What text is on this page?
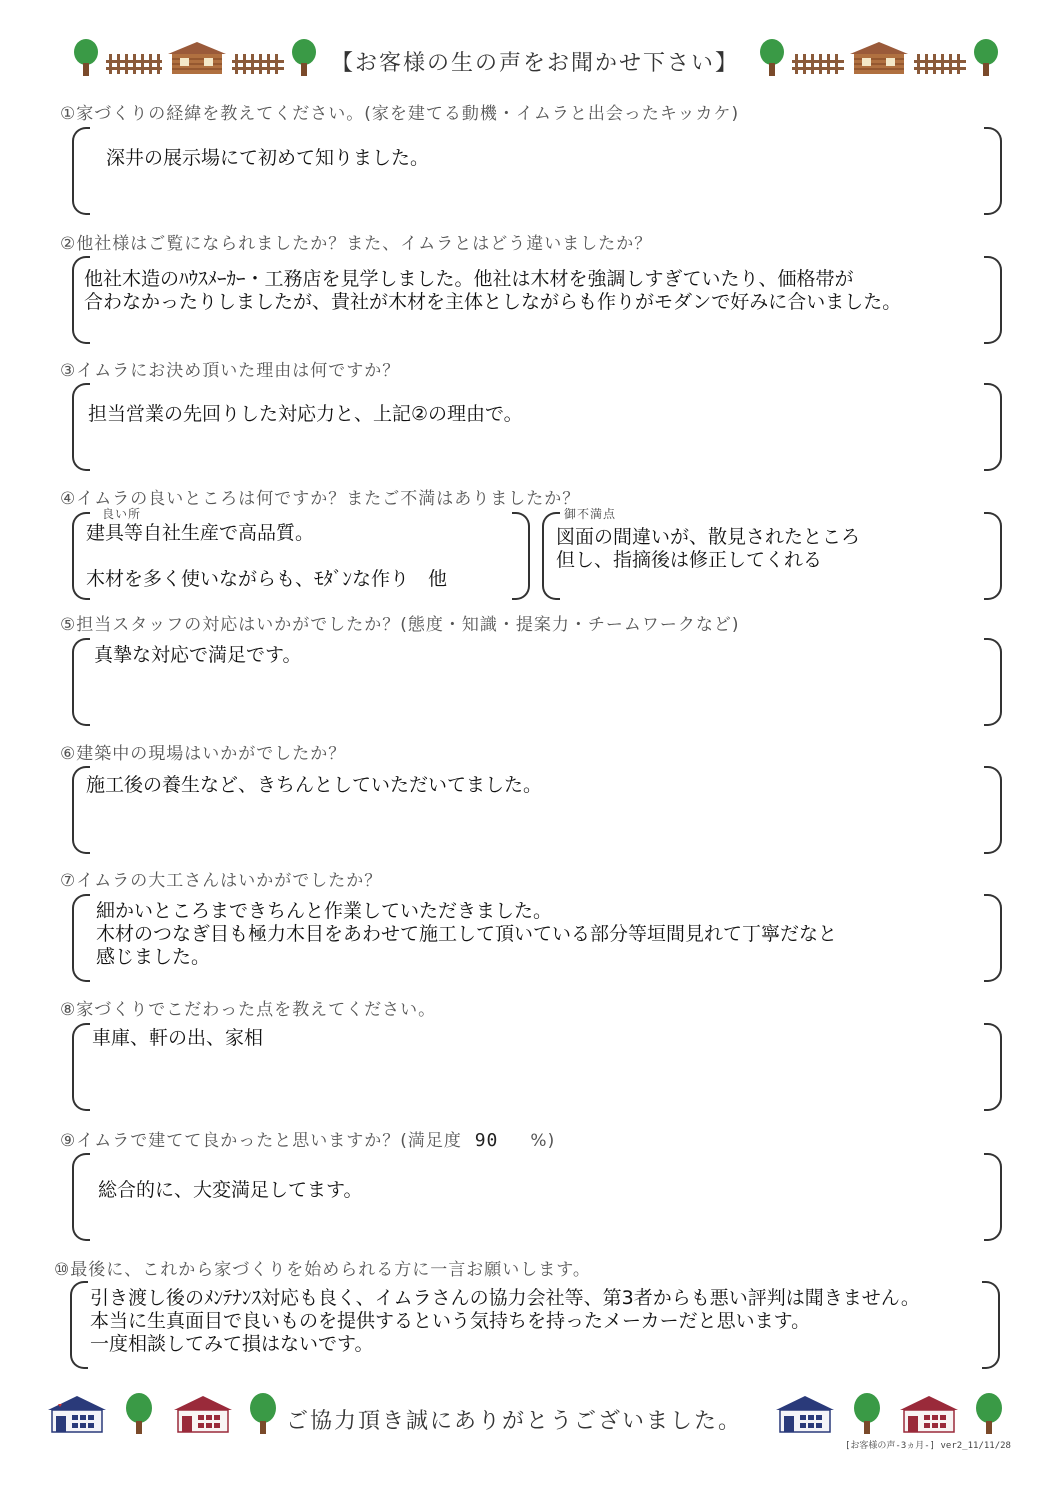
【お客様の生の声をお聞かせ下さい】
①家づくりの経緯を教えてください。(家を建てる動機・イムラと出会ったキッカケ)
深井の展示場にて初めて知りました。
②他社様はご覧になられましたか？また、イムラとはどう違いましたか？
他社木造のﾊｳｽﾒｰｶｰ・工務店を見学しました。他社は木材を強調しすぎていたり、価格帯が
合わなかったりしましたが、貴社が木材を主体としながらも作りがモダンで好みに合いました。
③イムラにお決め頂いた理由は何ですか？
担当営業の先回りした対応力と、上記②の理由で。
④イムラの良いところは何ですか？またご不満はありましたか？
良い所
建具等自社生産で高品質。

木材を多く使いながらも、ﾓﾀﾞﾝな作り　他
御不満点
図面の間違いが、散見されたところ
但し、指摘後は修正してくれる
⑤担当スタッフの対応はいかがでしたか？(態度・知識・提案力・チームワークなど)
真摯な対応で満足です。
⑥建築中の現場はいかがでしたか？
施工後の養生など、きちんとしていただいてました。
⑦イムラの大工さんはいかがでしたか？
細かいところまできちんと作業していただきました。
木材のつなぎ目も極力木目をあわせて施工して頂いている部分等垣間見れて丁寧だなと
感じました。
⑧家づくりでこだわった点を教えてください。
車庫、軒の出、家相
⑨イムラで建てて良かったと思いますか？(満足度 90 %)
総合的に、大変満足してます。
⑩最後に、これから家づくりを始められる方に一言お願いします。
引き渡し後のﾒﾝﾃﾅﾝｽ対応も良く、イムラさんの協力会社等、第3者からも悪い評判は聞きません。
本当に生真面目で良いものを提供するという気持ちを持ったメーカーだと思います。
一度相談してみて損はないです。
ご協力頂き誠にありがとうございました。
[お客様の声-3ヵ月-] ver2_11/11/28
